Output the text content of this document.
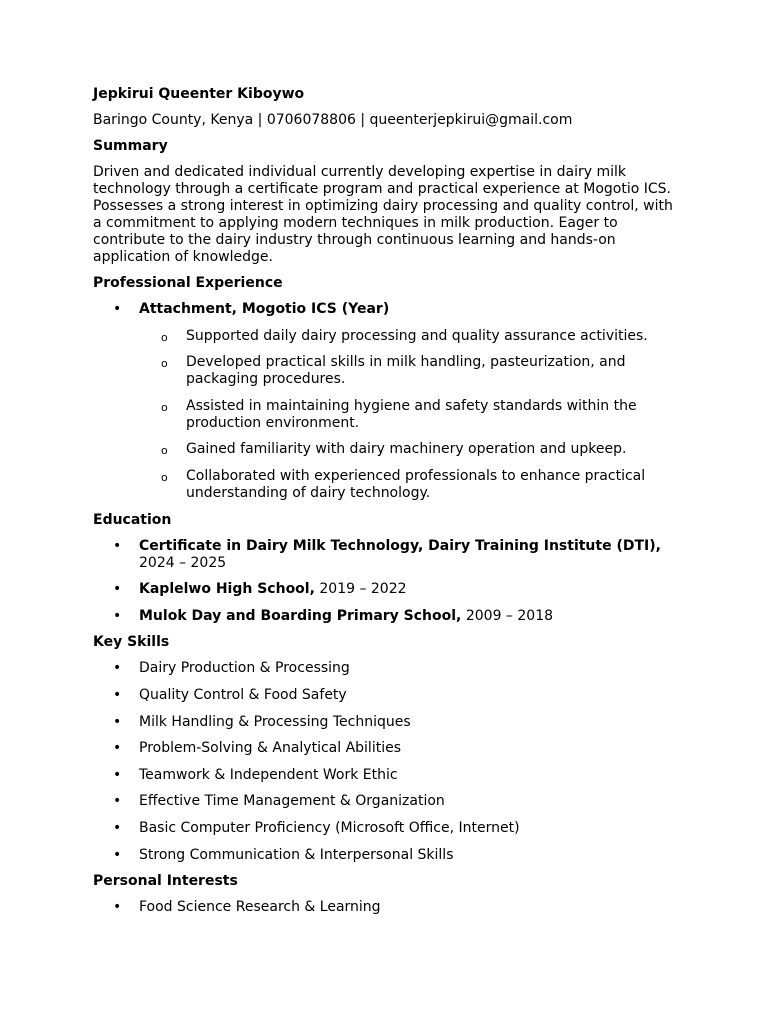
Jepkirui Queenter Kiboywo

Baringo County, Kenya | 0706078806 | queenterjepkirui@gmail.com

Summary

Driven and dedicated individual currently developing expertise in dairy milk technology through a certificate program and practical experience at Mogotio ICS. Possesses a strong interest in optimizing dairy processing and quality control, with a commitment to applying modern techniques in milk production. Eager to contribute to the dairy industry through continuous learning and hands-on application of knowledge.

Professional Experience

• Attachment, Mogotio ICS (Year)
o Supported daily dairy processing and quality assurance activities.
o Developed practical skills in milk handling, pasteurization, and packaging procedures.
o Assisted in maintaining hygiene and safety standards within the production environment.
o Gained familiarity with dairy machinery operation and upkeep.
o Collaborated with experienced professionals to enhance practical understanding of dairy technology.

Education

• Certificate in Dairy Milk Technology, Dairy Training Institute (DTI), 2024 – 2025
• Kaplelwo High School, 2019 – 2022
• Mulok Day and Boarding Primary School, 2009 – 2018

Key Skills

• Dairy Production & Processing
• Quality Control & Food Safety
• Milk Handling & Processing Techniques
• Problem-Solving & Analytical Abilities
• Teamwork & Independent Work Ethic
• Effective Time Management & Organization
• Basic Computer Proficiency (Microsoft Office, Internet)
• Strong Communication & Interpersonal Skills

Personal Interests

• Food Science Research & Learning
